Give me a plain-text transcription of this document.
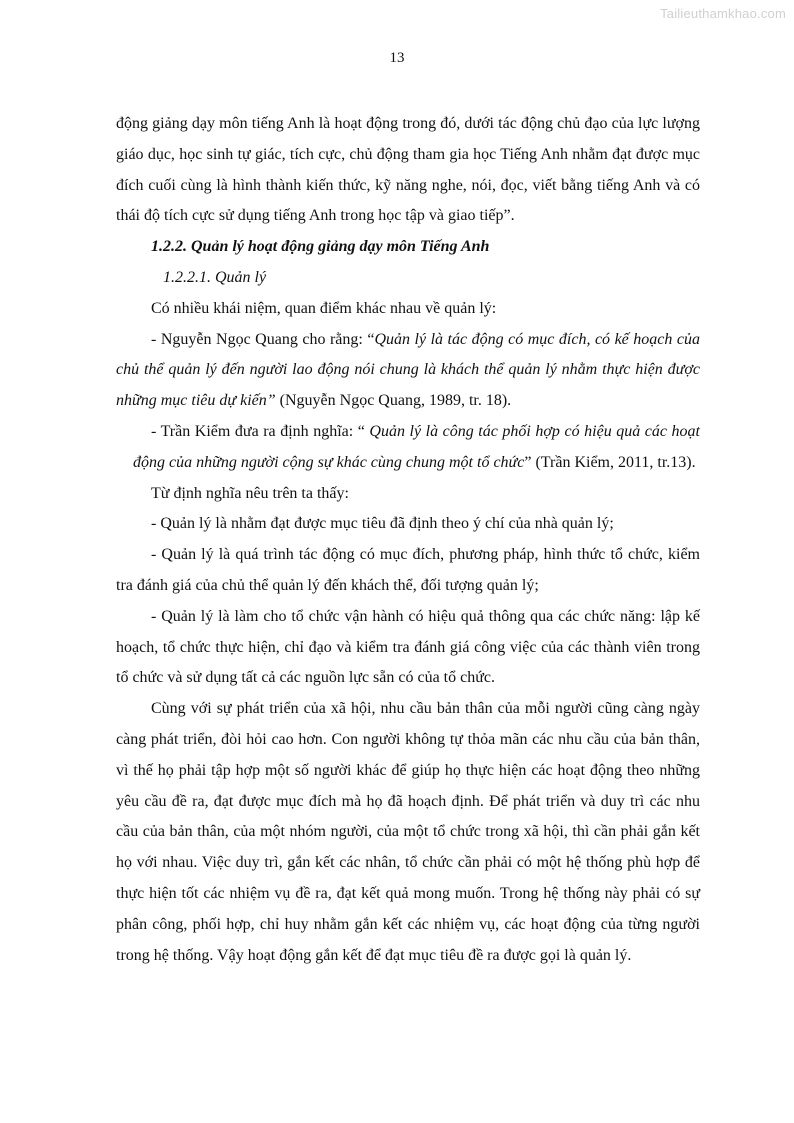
Tailieuthamkhao.com
13

động giảng dạy môn tiếng Anh là hoạt động trong đó, dưới tác động chủ đạo của lực lượng giáo dục, học sinh tự giác, tích cực, chủ động tham gia học Tiếng Anh nhằm đạt được mục đích cuối cùng là hình thành kiến thức, kỹ năng nghe, nói, đọc, viết bằng tiếng Anh và có thái độ tích cực sử dụng tiếng Anh trong học tập và giao tiếp”.

1.2.2. Quản lý hoạt động giảng dạy môn Tiếng Anh

1.2.2.1. Quản lý

Có nhiều khái niệm, quan điểm khác nhau về quản lý:

- Nguyễn Ngọc Quang cho rằng: “Quản lý là tác động có mục đích, có kế hoạch của chủ thể quản lý đến người lao động nói chung là khách thể quản lý nhằm thực hiện được những mục tiêu dự kiến” (Nguyễn Ngọc Quang, 1989, tr. 18).

- Trần Kiểm đưa ra định nghĩa: “ Quản lý là công tác phối hợp có hiệu quả các hoạt động của những người cộng sự khác cùng chung một tổ chức” (Trần Kiểm, 2011, tr.13).

Từ định nghĩa nêu trên ta thấy:

- Quản lý là nhằm đạt được mục tiêu đã định theo ý chí của nhà quản lý;

- Quản lý là quá trình tác động có mục đích, phương pháp, hình thức tổ chức, kiểm tra đánh giá của chủ thể quản lý đến khách thể, đối tượng quản lý;

- Quản lý là làm cho tổ chức vận hành có hiệu quả thông qua các chức năng: lập kế hoạch, tổ chức thực hiện, chỉ đạo và kiểm tra đánh giá công việc của các thành viên trong tổ chức và sử dụng tất cả các nguồn lực sẵn có của tổ chức.

Cùng với sự phát triển của xã hội, nhu cầu bản thân của mỗi người cũng càng ngày càng phát triển, đòi hỏi cao hơn. Con người không tự thỏa mãn các nhu cầu của bản thân, vì thế họ phải tập hợp một số người khác để giúp họ thực hiện các hoạt động theo những yêu cầu đề ra, đạt được mục đích mà họ đã hoạch định. Để phát triển và duy trì các nhu cầu của bản thân, của một nhóm người, của một tổ chức trong xã hội, thì cần phải gắn kết họ với nhau. Việc duy trì, gắn kết các nhân, tổ chức cần phải có một hệ thống phù hợp để thực hiện tốt các nhiệm vụ đề ra, đạt kết quả mong muốn. Trong hệ thống này phải có sự phân công, phối hợp, chỉ huy nhằm gắn kết các nhiệm vụ, các hoạt động của từng người trong hệ thống. Vậy hoạt động gắn kết để đạt mục tiêu đề ra được gọi là quản lý.
